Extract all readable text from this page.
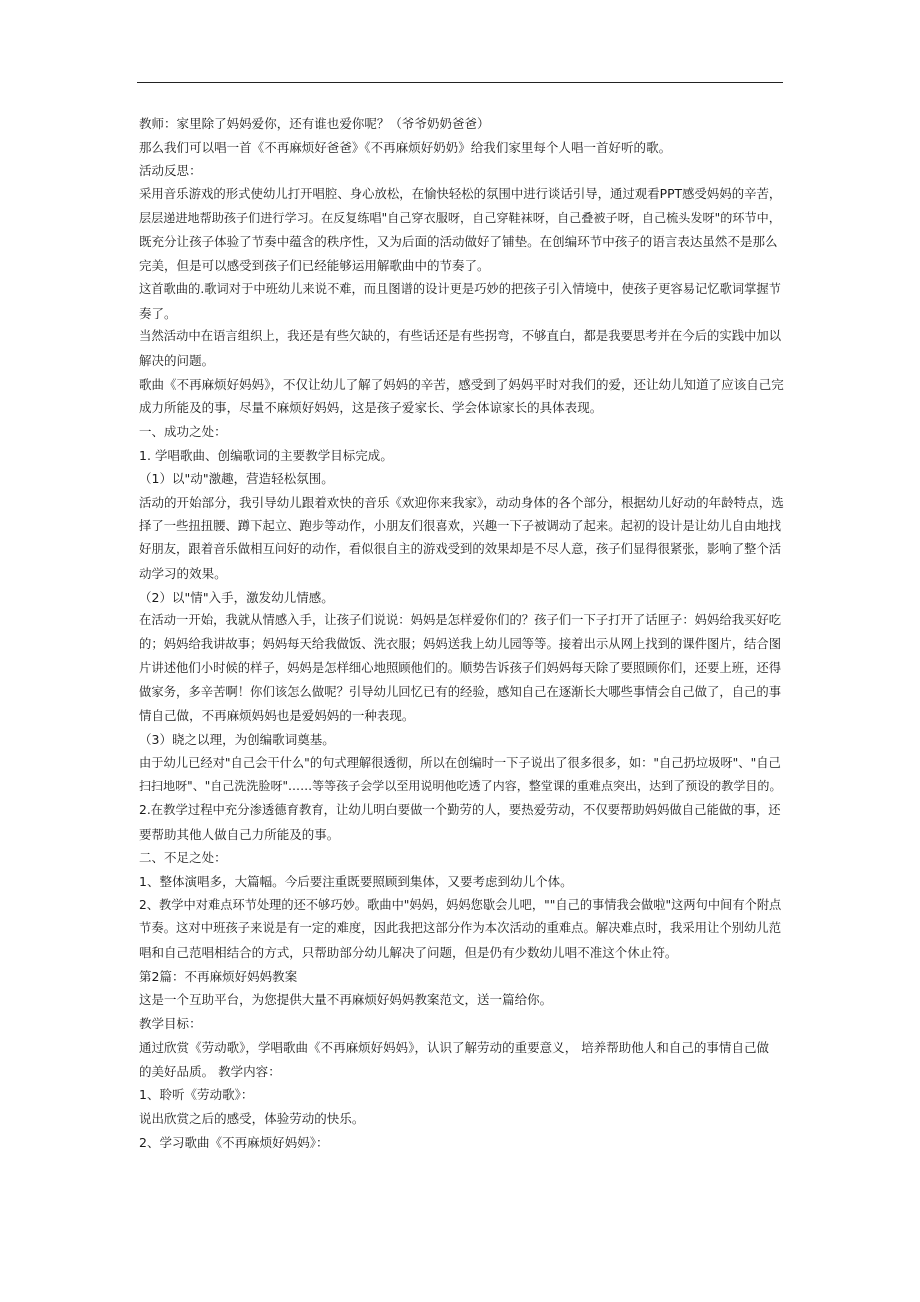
教师：家里除了妈妈爱你，还有谁也爱你呢？（爷爷奶奶爸爸）
那么我们可以唱一首《不再麻烦好爸爸》《不再麻烦好奶奶》给我们家里每个人唱一首好听的歌。
活动反思：
采用音乐游戏的形式使幼儿打开唱腔、身心放松，在愉快轻松的氛围中进行谈话引导，通过观看PPT感受妈妈的辛苦，
层层递进地帮助孩子们进行学习。在反复练唱"自己穿衣服呀，自己穿鞋袜呀，自己叠被子呀，自己梳头发呀"的环节中，
既充分让孩子体验了节奏中蕴含的秩序性，又为后面的活动做好了铺垫。在创编环节中孩子的语言表达虽然不是那么
完美，但是可以感受到孩子们已经能够运用解歌曲中的节奏了。
这首歌曲的.歌词对于中班幼儿来说不难，而且图谱的设计更是巧妙的把孩子引入情境中，使孩子更容易记忆歌词掌握节
奏了。
当然活动中在语言组织上，我还是有些欠缺的，有些话还是有些拐弯，不够直白，都是我要思考并在今后的实践中加以
解决的问题。
歌曲《不再麻烦好妈妈》，不仅让幼儿了解了妈妈的辛苦，感受到了妈妈平时对我们的爱，还让幼儿知道了应该自己完
成力所能及的事，尽量不麻烦好妈妈，这是孩子爱家长、学会体谅家长的具体表现。
一、成功之处：
1. 学唱歌曲、创编歌词的主要教学目标完成。
（1）以"动"激趣，营造轻松氛围。
活动的开始部分，我引导幼儿跟着欢快的音乐《欢迎你来我家》，动动身体的各个部分，根据幼儿好动的年龄特点，选
择了一些扭扭腰、蹲下起立、跑步等动作，小朋友们很喜欢，兴趣一下子被调动了起来。起初的设计是让幼儿自由地找
好朋友，跟着音乐做相互问好的动作，看似很自主的游戏受到的效果却是不尽人意，孩子们显得很紧张，影响了整个活
动学习的效果。
（2）以"情"入手，激发幼儿情感。
在活动一开始，我就从情感入手，让孩子们说说：妈妈是怎样爱你们的？孩子们一下子打开了话匣子：妈妈给我买好吃
的；妈妈给我讲故事；妈妈每天给我做饭、洗衣服；妈妈送我上幼儿园等等。接着出示从网上找到的课件图片，结合图
片讲述他们小时候的样子，妈妈是怎样细心地照顾他们的。顺势告诉孩子们妈妈每天除了要照顾你们，还要上班，还得
做家务，多辛苦啊！你们该怎么做呢？引导幼儿回忆已有的经验，感知自己在逐渐长大哪些事情会自己做了，自己的事
情自己做，不再麻烦妈妈也是爱妈妈的一种表现。
（3）晓之以理，为创编歌词奠基。
由于幼儿已经对"自己会干什么"的句式理解很透彻，所以在创编时一下子说出了很多很多，如："自己扔垃圾呀"、"自己
扫扫地呀"、"自己洗洗脸呀"……等等孩子会学以至用说明他吃透了内容，整堂课的重难点突出，达到了预设的教学目的。
2.在教学过程中充分渗透德育教育，让幼儿明白要做一个勤劳的人，要热爱劳动，不仅要帮助妈妈做自己能做的事，还
要帮助其他人做自己力所能及的事。
二、不足之处：
1、整体演唱多，大篇幅。今后要注重既要照顾到集体，又要考虑到幼儿个体。
2、教学中对难点环节处理的还不够巧妙。歌曲中"妈妈，妈妈您歇会儿吧，""自己的事情我会做啦"这两句中间有个附点
节奏。这对中班孩子来说是有一定的难度，因此我把这部分作为本次活动的重难点。解决难点时，我采用让个别幼儿范
唱和自己范唱相结合的方式，只帮助部分幼儿解决了问题，但是仍有少数幼儿唱不准这个休止符。
第2篇：不再麻烦好妈妈教案
这是一个互助平台，为您提供大量不再麻烦好妈妈教案范文，送一篇给你。
教学目标：
通过欣赏《劳动歌》，学唱歌曲《不再麻烦好妈妈》，认识了解劳动的重要意义， 培养帮助他人和自己的事情自己做
的美好品质。 教学内容：
1、聆听《劳动歌》：
说出欣赏之后的感受，体验劳动的快乐。
2、学习歌曲《不再麻烦好妈妈》：
